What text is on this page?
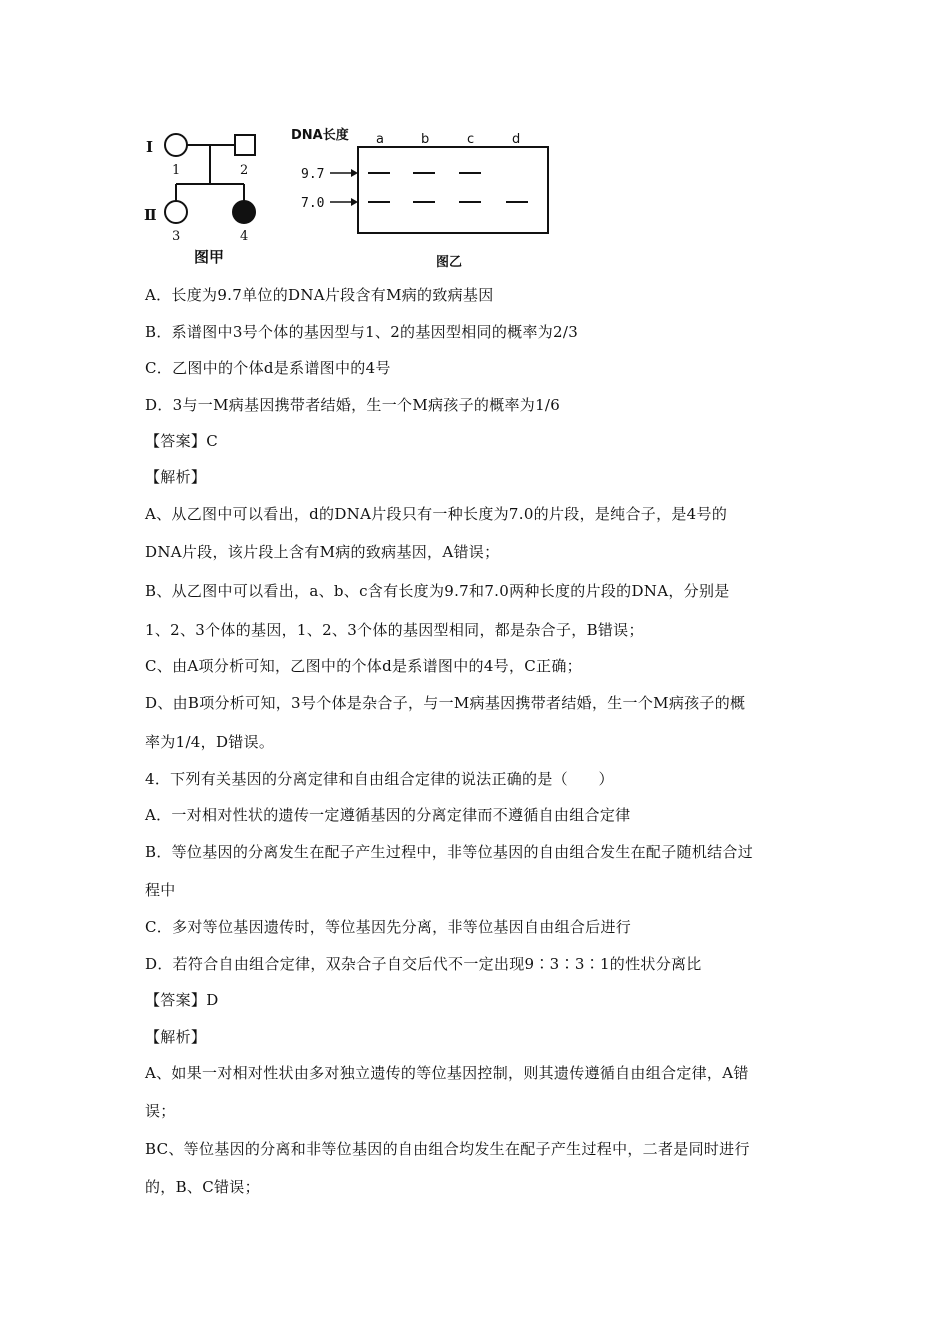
Ⅰ
Ⅱ
1	2
3	4
图甲
DNA长度 a	b	c	d
9.7
7.0
图乙
A．长度为9.7单位的DNA片段含有M病的致病基因
B．系谱图中3号个体的基因型与1、2的基因型相同的概率为2/3
C．乙图中的个体d是系谱图中的4号
D．3与一M病基因携带者结婚，生一个M病孩子的概率为1/6
【答案】C
【解析】
A、从乙图中可以看出，d的DNA片段只有一种长度为7.0的片段，是纯合子，是4号的
DNA片段，该片段上含有M病的致病基因，A错误；
B、从乙图中可以看出，a、b、c含有长度为9.7和7.0两种长度的片段的DNA，分别是
1、2、3个体的基因，1、2、3个体的基因型相同，都是杂合子，B错误；
C、由A项分析可知，乙图中的个体d是系谱图中的4号，C正确；
D、由B项分析可知，3号个体是杂合子，与一M病基因携带者结婚，生一个M病孩子的概
率为1/4，D错误。
4．下列有关基因的分离定律和自由组合定律的说法正确的是（　　）
A．一对相对性状的遗传一定遵循基因的分离定律而不遵循自由组合定律
B．等位基因的分离发生在配子产生过程中，非等位基因的自由组合发生在配子随机结合过
程中
C．多对等位基因遗传时，等位基因先分离，非等位基因自由组合后进行
D．若符合自由组合定律，双杂合子自交后代不一定出现9∶3∶3∶1的性状分离比
【答案】D
【解析】
A、如果一对相对性状由多对独立遗传的等位基因控制，则其遗传遵循自由组合定律，A错
误；
BC、等位基因的分离和非等位基因的自由组合均发生在配子产生过程中，二者是同时进行
的，B、C错误；
